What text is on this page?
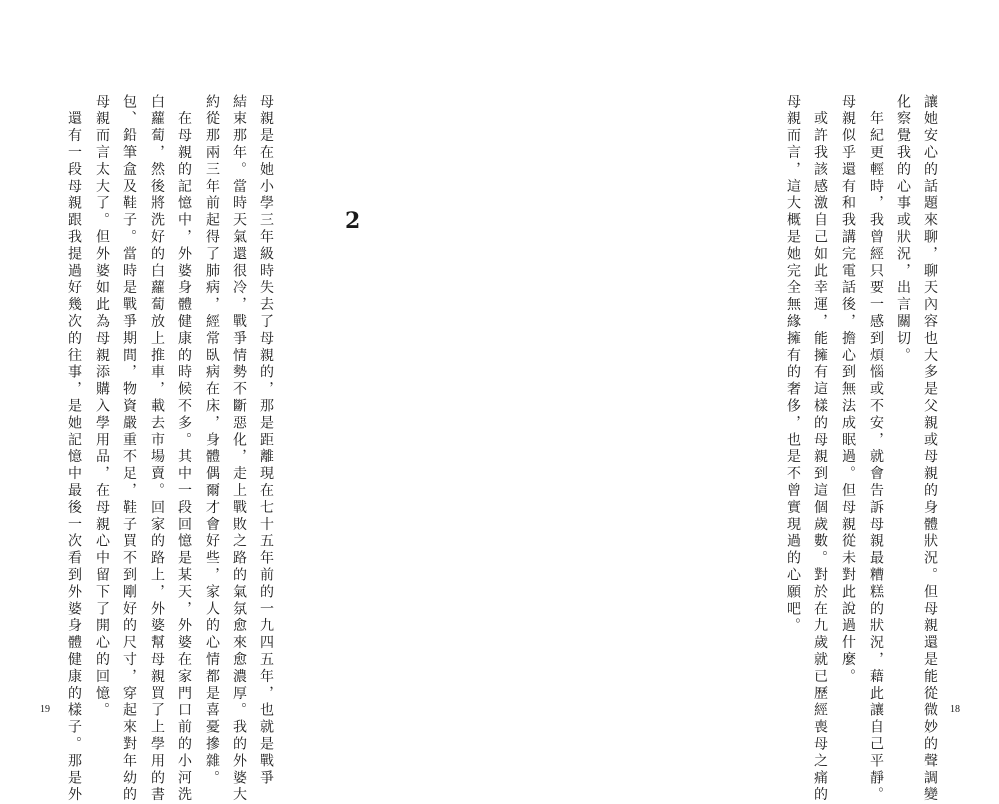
母親是在她小學三年級時失去了母親的，那是距離現在七十五年前的一九四五年，也就是戰爭
結束那年。當時天氣還很冷，戰爭情勢不斷惡化，走上戰敗之路的氣氛愈來愈濃厚。我的外婆大
約從那兩三年前起得了肺病，經常臥病在床，身體偶爾才會好些，家人的心情都是喜憂摻雜。
　在母親的記憶中，外婆身體健康的時候不多。其中一段回憶是某天，外婆在家門口前的小河洗
白蘿蔔，然後將洗好的白蘿蔔放上推車，載去市場賣。回家的路上，外婆幫母親買了上學用的書
包、鉛筆盒及鞋子。當時是戰爭期間，物資嚴重不足，鞋子買不到剛好的尺寸，穿起來對年幼的
母親而言太大了。但外婆如此為母親添購入學用品，在母親心中留下了開心的回憶。
　還有一段母親跟我提過好幾次的往事，是她記憶中最後一次看到外婆身體健康的樣子。那是外	2
19	讓她安心的話題來聊，聊天內容也大多是父親或母親的身體狀況。但母親還是能從微妙的聲調變
化察覺我的心事或狀況，出言關切。
　年紀更輕時，我曾經只要一感到煩惱或不安，就會告訴母親最糟糕的狀況，藉此讓自己平靜。
母親似乎還有和我講完電話後，擔心到無法成眠過。但母親從未對此說過什麼。
　或許我該感激自己如此幸運，能擁有這樣的母親到這個歲數。對於在九歲就已歷經喪母之痛的
母親而言，這大概是她完全無緣擁有的奢侈，也是不曾實現過的心願吧。
18
